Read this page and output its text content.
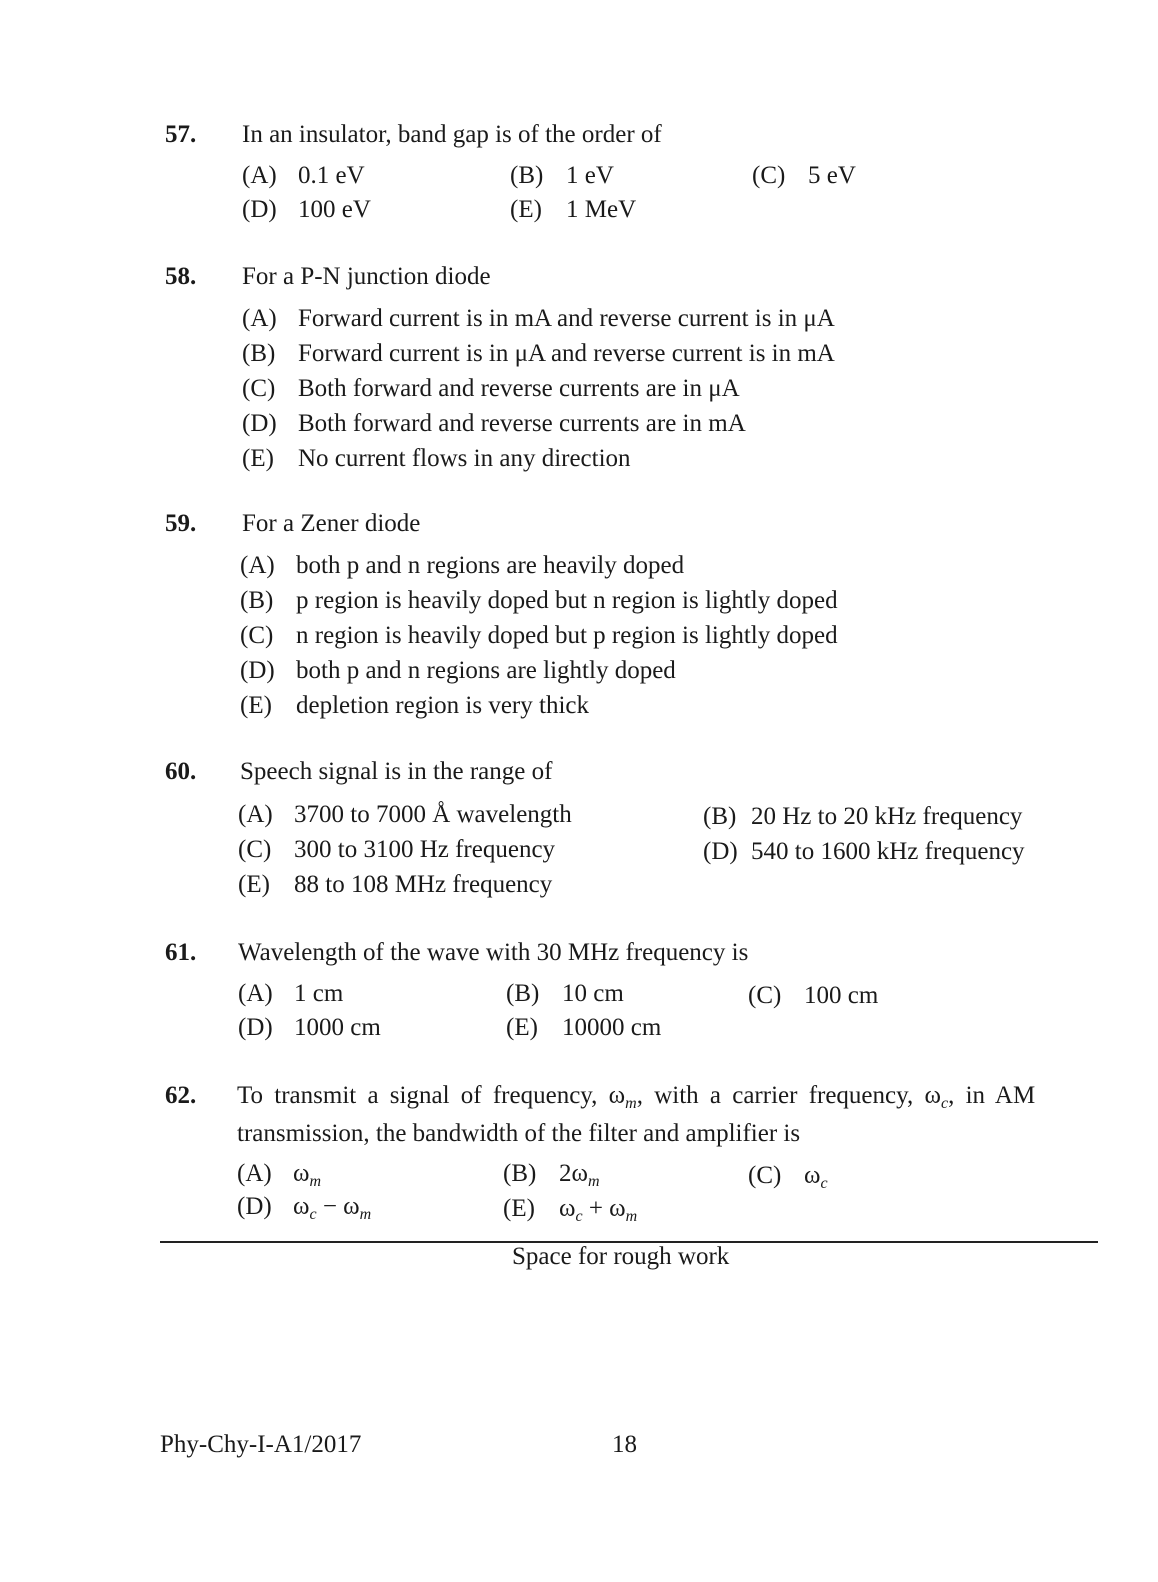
57. In an insulator, band gap is of the order of
(A) 0.1 eV	(B) 1 eV	(C) 5 eV
(D) 100 eV	(E) 1 MeV
58. For a P-N junction diode
(A) Forward current is in mA and reverse current is in μA
(B) Forward current is in μA and reverse current is in mA
(C) Both forward and reverse currents are in μA
(D) Both forward and reverse currents are in mA
(E) No current flows in any direction
59. For a Zener diode
(A) both p and n regions are heavily doped
(B) p region is heavily doped but n region is lightly doped
(C) n region is heavily doped but p region is lightly doped
(D) both p and n regions are lightly doped
(E) depletion region is very thick
60. Speech signal is in the range of
(A) 3700 to 7000 Å wavelength	(B) 20 Hz to 20 kHz frequency
(C) 300 to 3100 Hz frequency	(D) 540 to 1600 kHz frequency
(E) 88 to 108 MHz frequency
61. Wavelength of the wave with 30 MHz frequency is
(A) 1 cm	(B) 10 cm	(C) 100 cm
(D) 1000 cm	(E) 10000 cm
62. To transmit a signal of frequency, $\omega_m$, with a carrier frequency, $\omega_c$, in AM
transmission, the bandwidth of the filter and amplifier is
(A) $\omega_m$	(B) $2\omega_m$	(C) $\omega_c$
(D) $\omega_c - \omega_m$	(E) $\omega_c + \omega_m$
Space for rough work
Phy-Chy-I-A1/2017	18
